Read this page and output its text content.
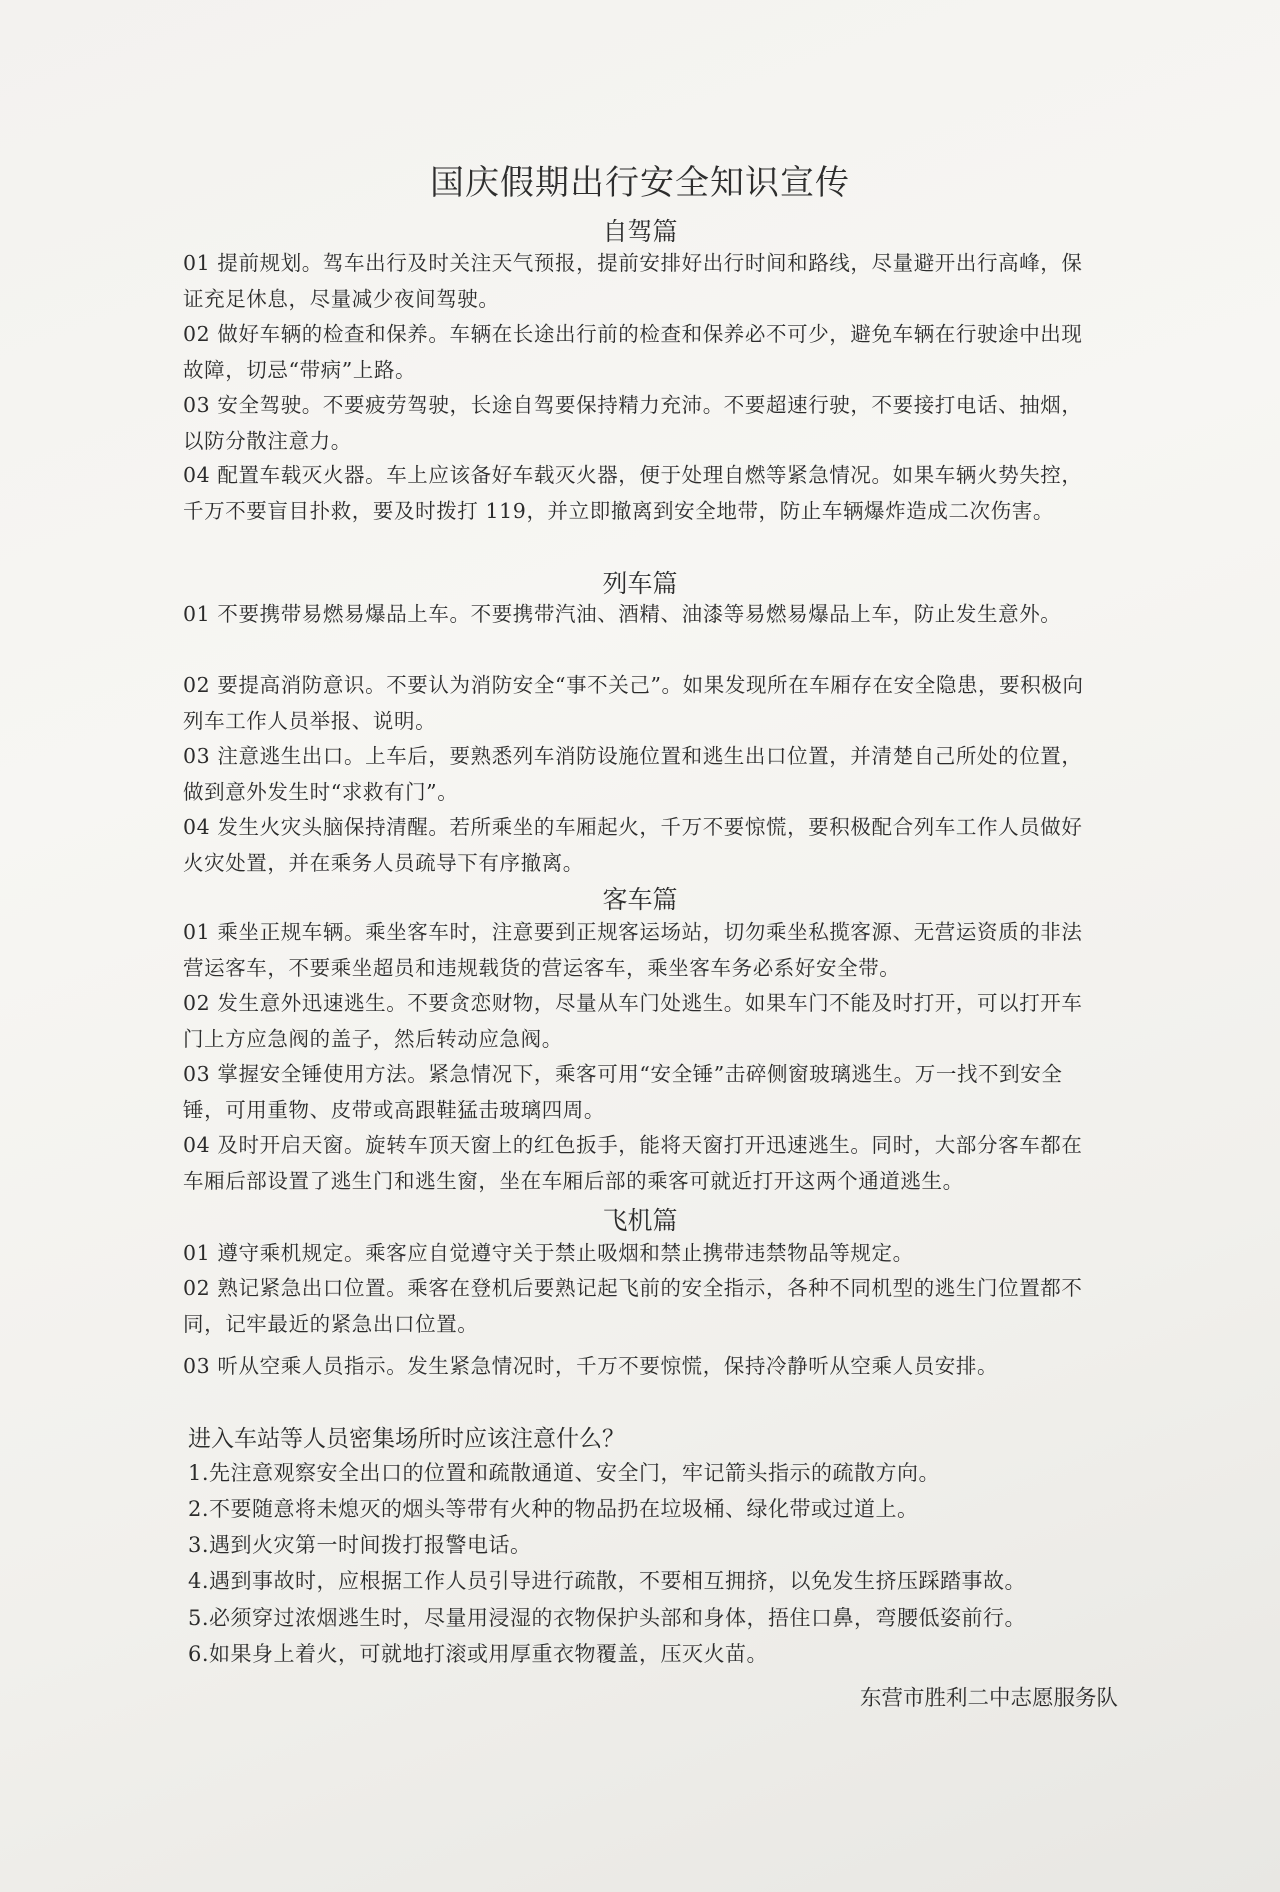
国庆假期出行安全知识宣传
自驾篇

01 提前规划。驾车出行及时关注天气预报，提前安排好出行时间和路线，尽量避开出行高峰，保证充足休息，尽量减少夜间驾驶。

02 做好车辆的检查和保养。车辆在长途出行前的检查和保养必不可少，避免车辆在行驶途中出现故障，切忌“带病”上路。

03 安全驾驶。不要疲劳驾驶，长途自驾要保持精力充沛。不要超速行驶，不要接打电话、抽烟，以防分散注意力。

04 配置车载灭火器。车上应该备好车载灭火器，便于处理自燃等紧急情况。如果车辆火势失控，千万不要盲目扑救，要及时拨打 119，并立即撤离到安全地带，防止车辆爆炸造成二次伤害。

列车篇

01 不要携带易燃易爆品上车。不要携带汽油、酒精、油漆等易燃易爆品上车，防止发生意外。

02 要提高消防意识。不要认为消防安全“事不关己”。如果发现所在车厢存在安全隐患，要积极向列车工作人员举报、说明。

03 注意逃生出口。上车后，要熟悉列车消防设施位置和逃生出口位置，并清楚自己所处的位置，做到意外发生时“求救有门”。

04 发生火灾头脑保持清醒。若所乘坐的车厢起火，千万不要惊慌，要积极配合列车工作人员做好火灾处置，并在乘务人员疏导下有序撤离。

客车篇

01 乘坐正规车辆。乘坐客车时，注意要到正规客运场站，切勿乘坐私揽客源、无营运资质的非法营运客车，不要乘坐超员和违规载货的营运客车，乘坐客车务必系好安全带。

02 发生意外迅速逃生。不要贪恋财物，尽量从车门处逃生。如果车门不能及时打开，可以打开车门上方应急阀的盖子，然后转动应急阀。

03 掌握安全锤使用方法。紧急情况下，乘客可用“安全锤”击碎侧窗玻璃逃生。万一找不到安全锤，可用重物、皮带或高跟鞋猛击玻璃四周。

04 及时开启天窗。旋转车顶天窗上的红色扳手，能将天窗打开迅速逃生。同时，大部分客车都在车厢后部设置了逃生门和逃生窗，坐在车厢后部的乘客可就近打开这两个通道逃生。

飞机篇

01 遵守乘机规定。乘客应自觉遵守关于禁止吸烟和禁止携带违禁物品等规定。

02 熟记紧急出口位置。乘客在登机后要熟记起飞前的安全指示，各种不同机型的逃生门位置都不同，记牢最近的紧急出口位置。

03 听从空乘人员指示。发生紧急情况时，千万不要惊慌，保持冷静听从空乘人员安排。

进入车站等人员密集场所时应该注意什么？
1.先注意观察安全出口的位置和疏散通道、安全门，牢记箭头指示的疏散方向。
2.不要随意将未熄灭的烟头等带有火种的物品扔在垃圾桶、绿化带或过道上。
3.遇到火灾第一时间拨打报警电话。
4.遇到事故时，应根据工作人员引导进行疏散，不要相互拥挤，以免发生挤压踩踏事故。
5.必须穿过浓烟逃生时，尽量用浸湿的衣物保护头部和身体，捂住口鼻，弯腰低姿前行。
6.如果身上着火，可就地打滚或用厚重衣物覆盖，压灭火苗。
东营市胜利二中志愿服务队
